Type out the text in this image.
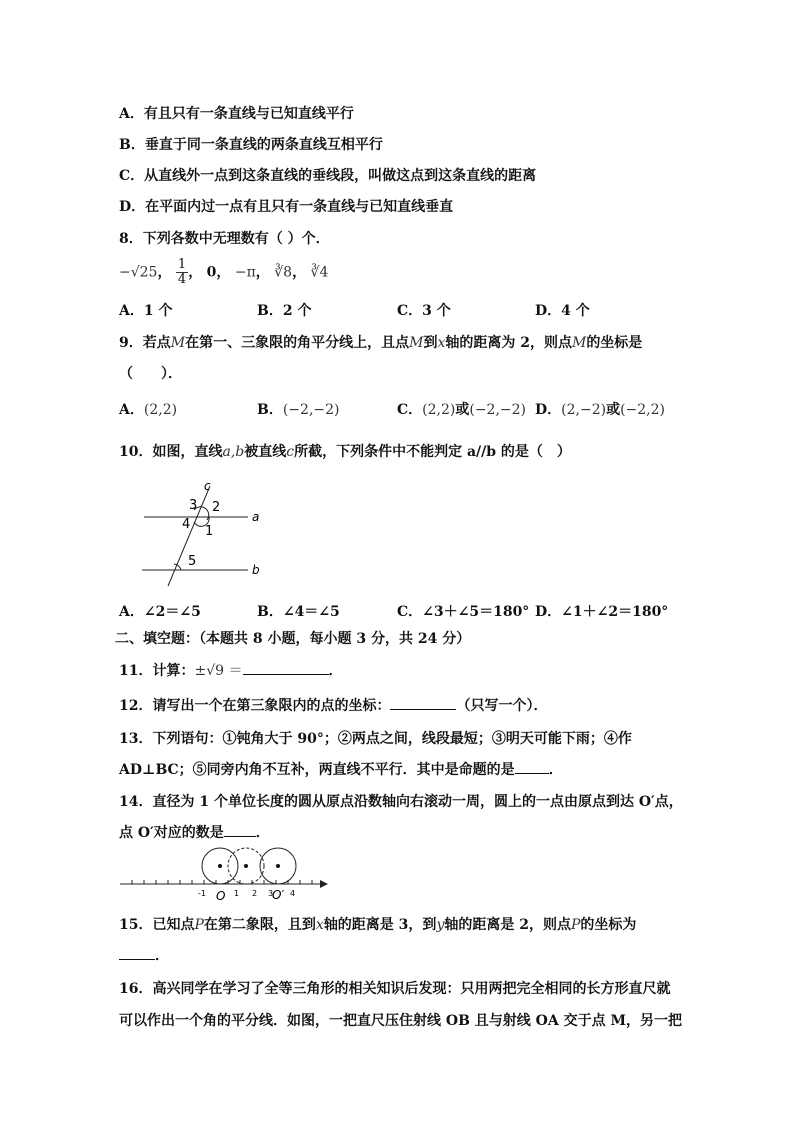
A．有且只有一条直线与已知直线平行
B．垂直于同一条直线的两条直线互相平行
C．从直线外一点到这条直线的垂线段，叫做这点到这条直线的距离
D．在平面内过一点有且只有一条直线与已知直线垂直
8．下列各数中无理数有（ ）个．
−√25， $\frac{1}{4}$ ， 0， −π， ∛8， ∛4
A．1 个	B．2 个	C．3 个	D．4 个
9．若点M在第一、三象限的角平分线上，且点M到x轴的距离为 2，则点M的坐标是
（　　）．
A．(2,2)	B．(−2,−2)	C．(2,2)或(−2,−2) D．(2,−2)或(−2,2)
10．如图，直线a,b被直线c所截，下列条件中不能判定 a//b 的是（　）
c
a
b
3 2
4 1
5
A．∠2＝∠5	B．∠4＝∠5	C．∠3＋∠5＝180° D．∠1＋∠2＝180°
二、填空题：（本题共 8 小题，每小题 3 分，共 24 分）
11．计算：±√9 ＝	．
12．请写出一个在第三象限内的点的坐标：	（只写一个）．
13．下列语句：①钝角大于 90°；②两点之间，线段最短；③明天可能下雨；④作
AD⊥BC；⑤同旁内角不互补，两直线不平行．其中是命题的是 ．
14．直径为 1 个单位长度的圆从原点沿数轴向右滚动一周，圆上的一点由原点到达 O′点，
点 O′对应的数是 ．
-1 O 1 2 3
O′ 4
15．已知点P在第二象限，且到x轴的距离是 3，到y轴的距离是 2，则点P的坐标为
．
16．高兴同学在学习了全等三角形的相关知识后发现：只用两把完全相同的长方形直尺就
可以作出一个角的平分线．如图，一把直尺压住射线 OB 且与射线 OA 交于点 M，另一把
